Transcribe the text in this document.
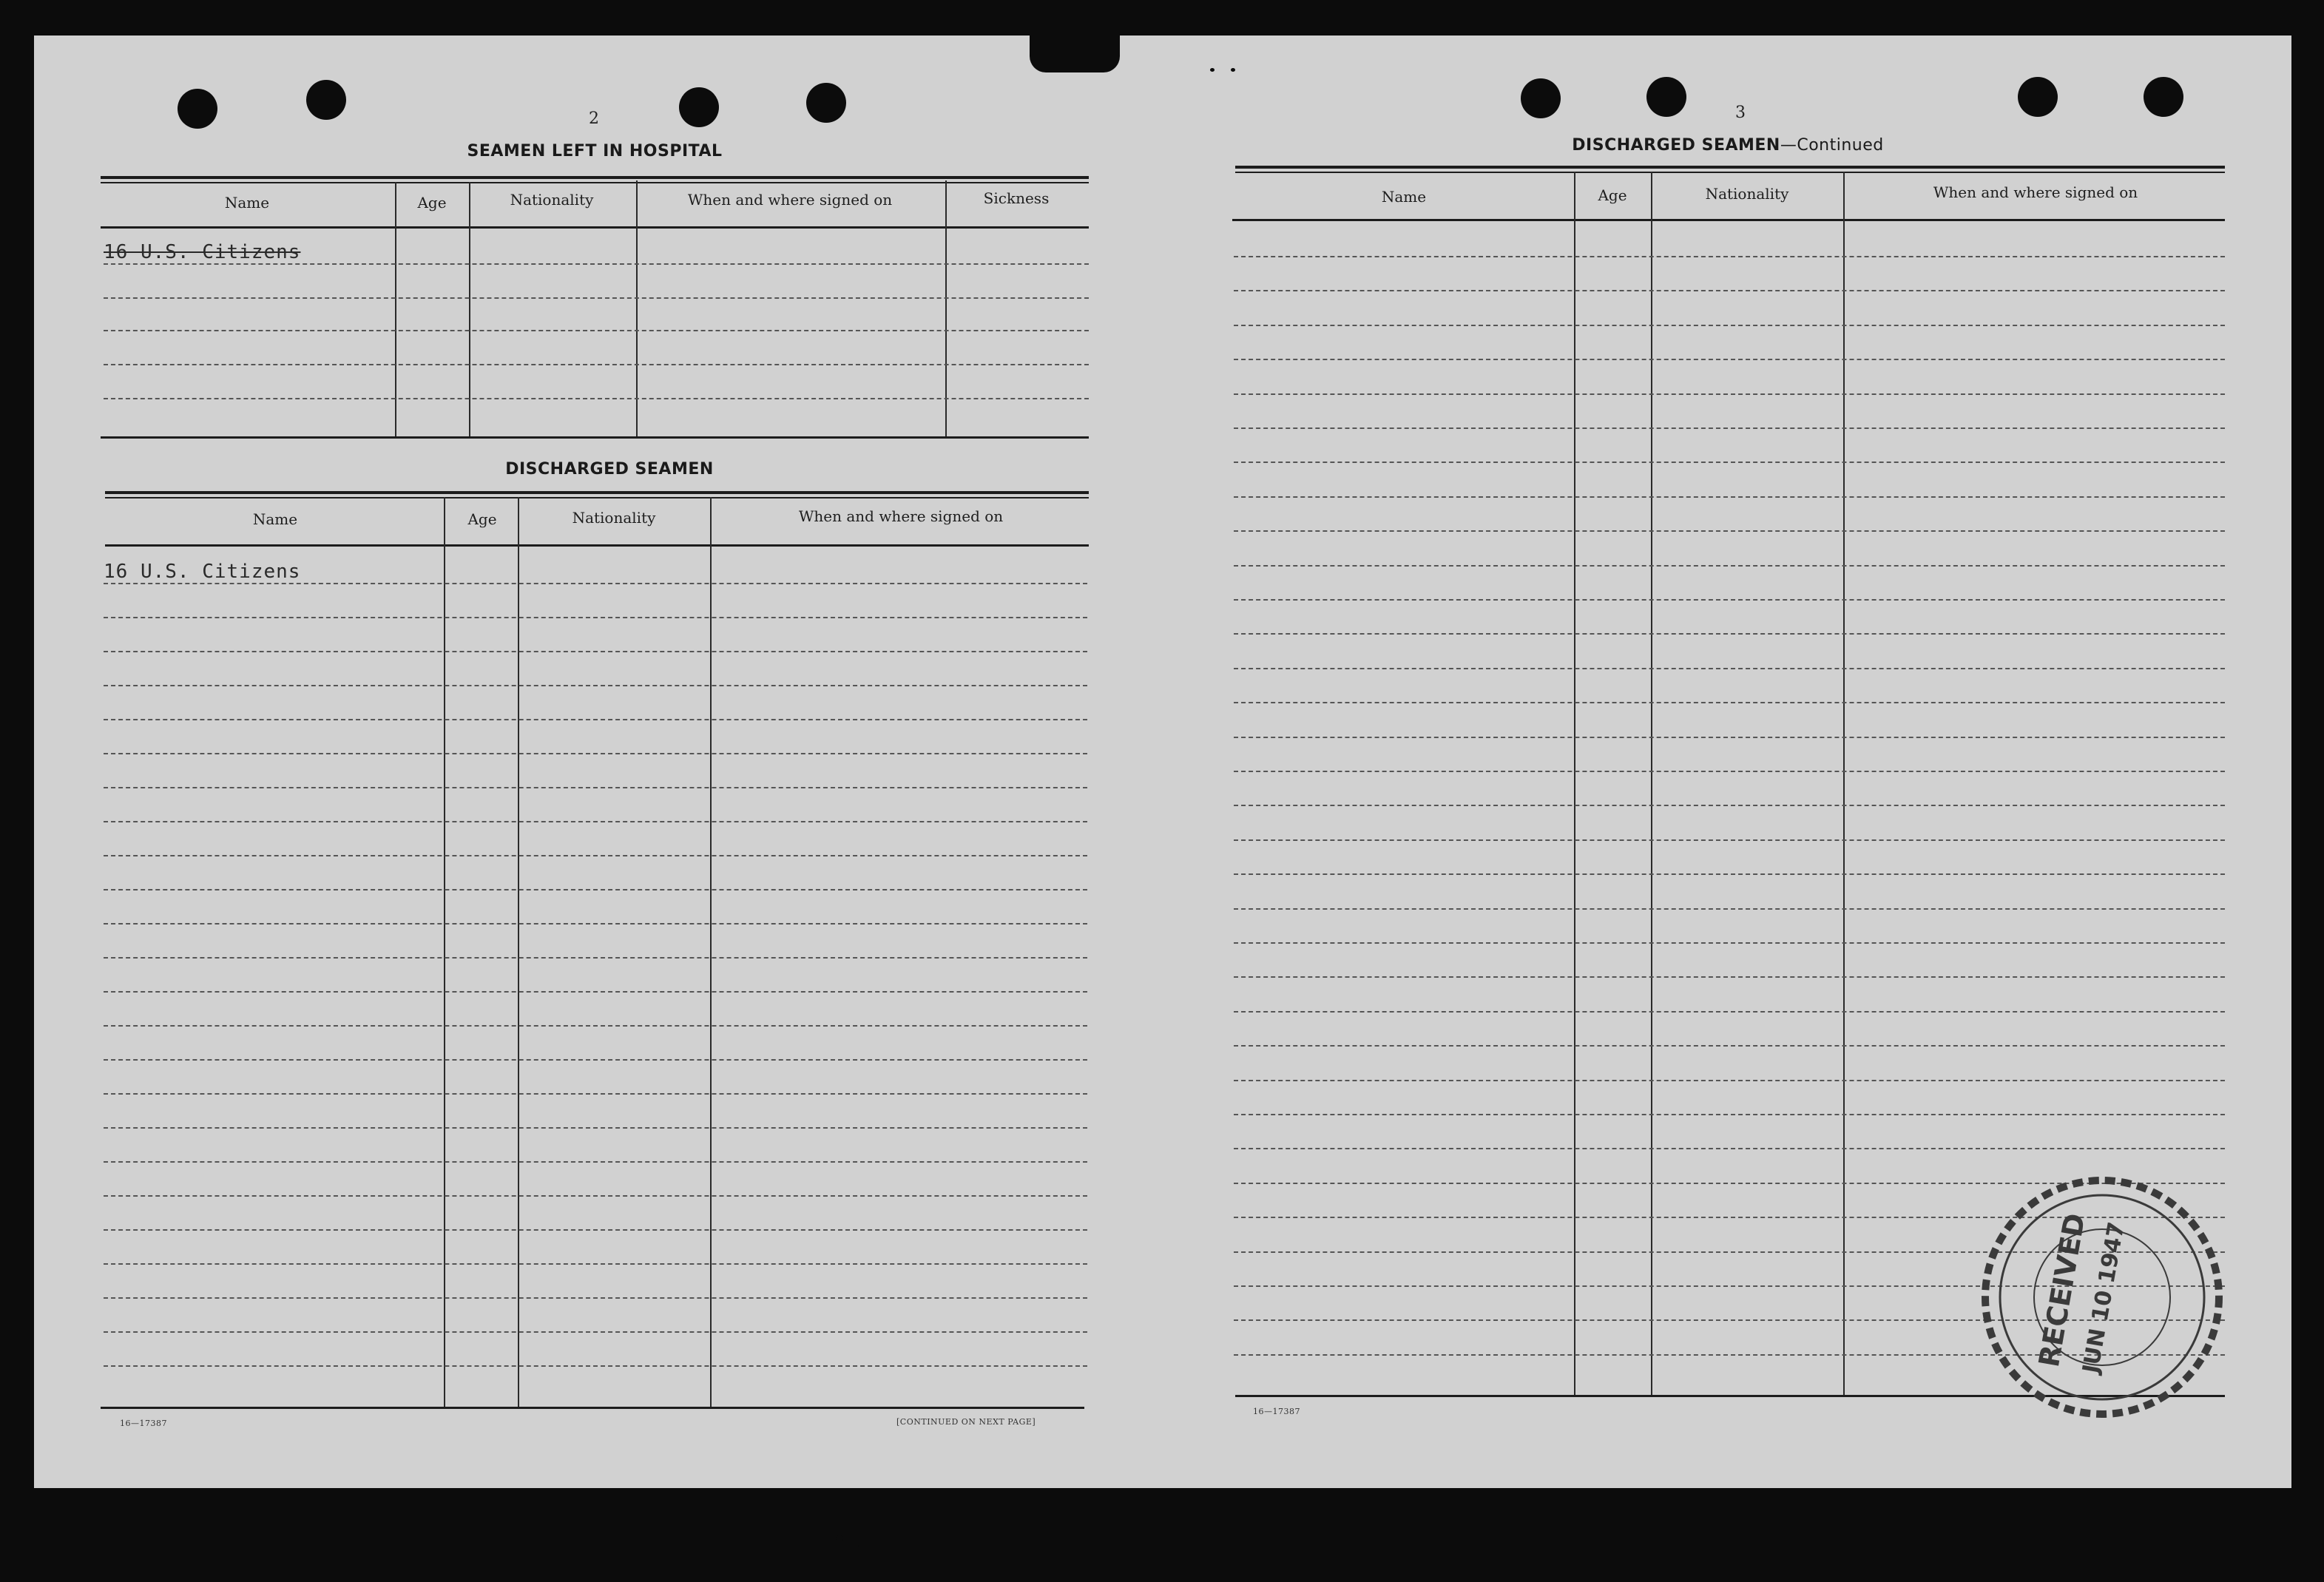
2
SEAMEN LEFT IN HOSPITAL
Name	Age	Nationality	When and where signed on	Sickness
16 U.S. Citizens
DISCHARGED SEAMEN
Name	Age	Nationality	When and where signed on
16 U.S. Citizens
16—17387	[CONTINUED ON NEXT PAGE]
3
DISCHARGED SEAMEN—Continued
Name	Age	Nationality	When and where signed on
16—17387
RECEIVED
JUN 10 1947
